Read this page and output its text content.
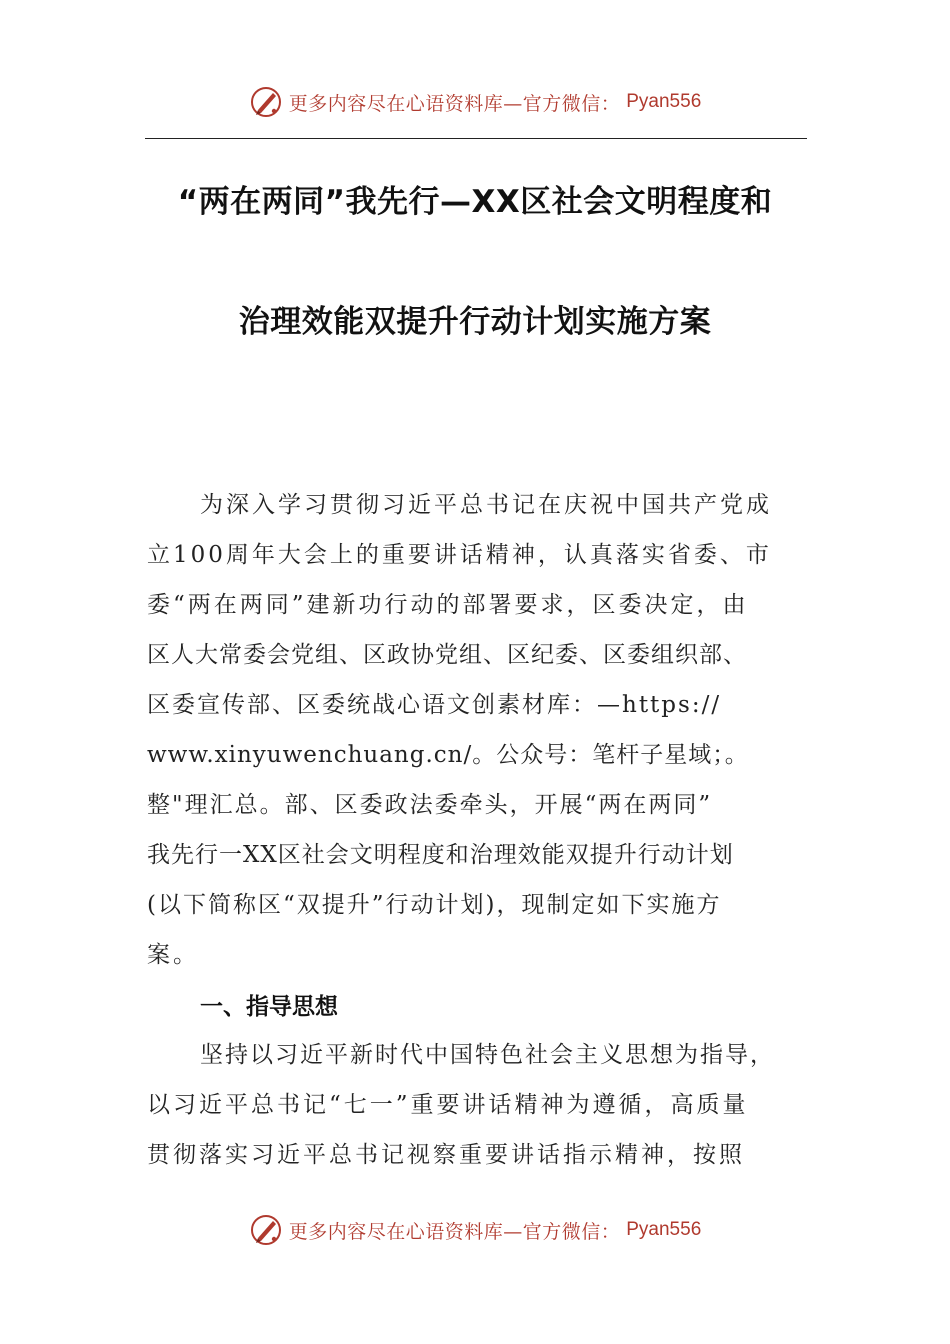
更多内容尽在心语资料库—官方微信： Pyan556
“两在两同”我先行—XX区社会文明程度和
治理效能双提升行动计划实施方案
为深入学习贯彻习近平总书记在庆祝中国共产党成
立100周年大会上的重要讲话精神，认真落实省委、市
委“两在两同”建新功行动的部署要求，区委决定，由
区人大常委会党组、区政协党组、区纪委、区委组织部、
区委宣传部、区委统战心语文创素材库：—https://
www.xinyuwenchuang.cn/。公众号：笔杆子星域；。
整"理汇总。部、区委政法委牵头，开展“两在两同”
我先行一XX区社会文明程度和治理效能双提升行动计划
(以下简称区“双提升”行动计划)，现制定如下实施方
案。
一、指导思想
坚持以习近平新时代中国特色社会主义思想为指导，
以习近平总书记“七一”重要讲话精神为遵循，高质量
贯彻落实习近平总书记视察重要讲话指示精神，按照
更多内容尽在心语资料库—官方微信： Pyan556
